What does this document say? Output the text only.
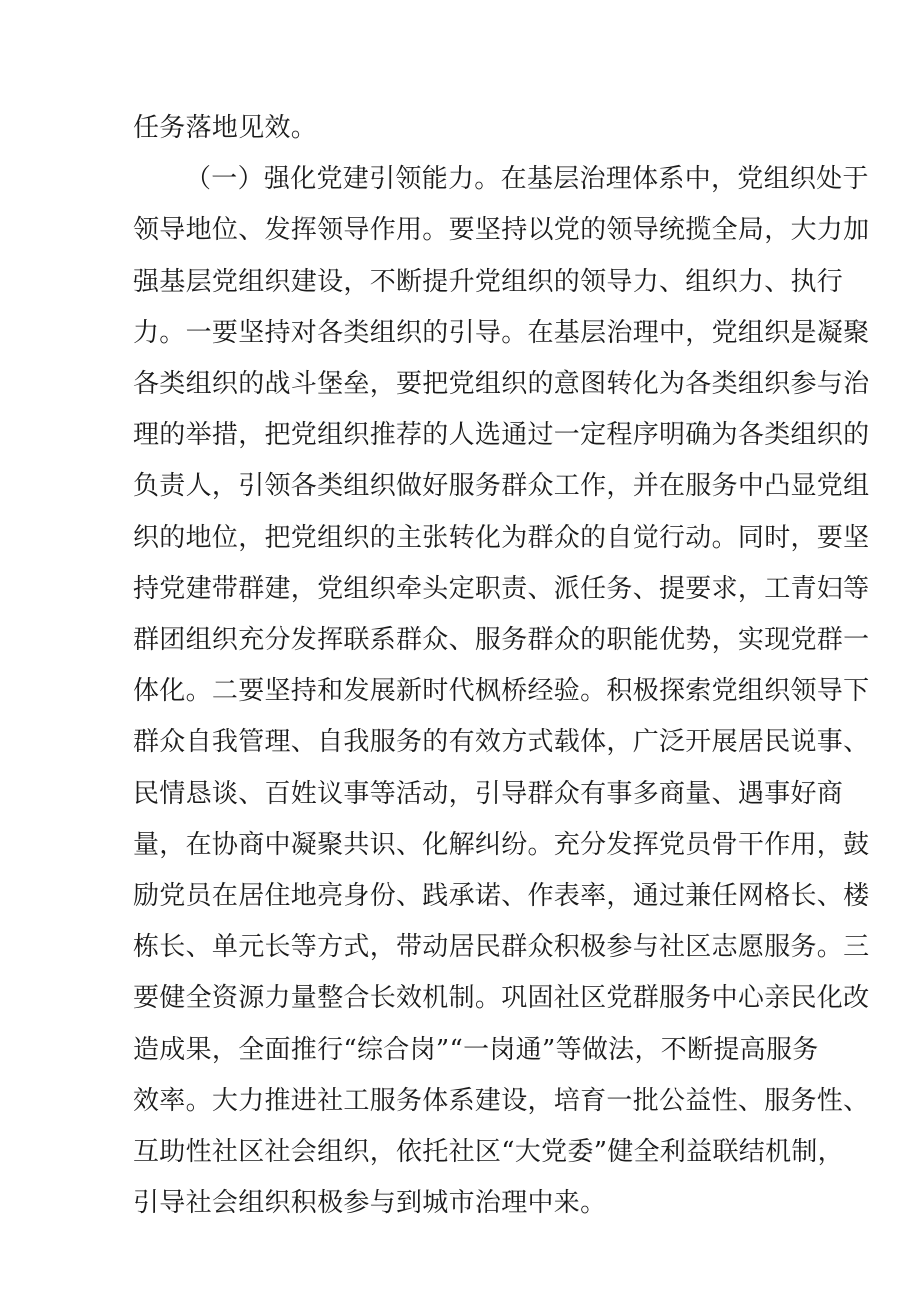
任务落地见效。
（一）强化党建引领能力。在基层治理体系中，党组织处于
领导地位、发挥领导作用。要坚持以党的领导统揽全局，大力加
强基层党组织建设，不断提升党组织的领导力、组织力、执行
力。一要坚持对各类组织的引导。在基层治理中，党组织是凝聚
各类组织的战斗堡垒，要把党组织的意图转化为各类组织参与治
理的举措，把党组织推荐的人选通过一定程序明确为各类组织的
负责人，引领各类组织做好服务群众工作，并在服务中凸显党组
织的地位，把党组织的主张转化为群众的自觉行动。同时，要坚
持党建带群建，党组织牵头定职责、派任务、提要求，工青妇等
群团组织充分发挥联系群众、服务群众的职能优势，实现党群一
体化。二要坚持和发展新时代枫桥经验。积极探索党组织领导下
群众自我管理、自我服务的有效方式载体，广泛开展居民说事、
民情恳谈、百姓议事等活动，引导群众有事多商量、遇事好商
量，在协商中凝聚共识、化解纠纷。充分发挥党员骨干作用，鼓
励党员在居住地亮身份、践承诺、作表率，通过兼任网格长、楼
栋长、单元长等方式，带动居民群众积极参与社区志愿服务。三
要健全资源力量整合长效机制。巩固社区党群服务中心亲民化改
造成果，全面推行“综合岗”“一岗通”等做法，不断提高服务
效率。大力推进社工服务体系建设，培育一批公益性、服务性、
互助性社区社会组织，依托社区“大党委”健全利益联结机制，
引导社会组织积极参与到城市治理中来。
